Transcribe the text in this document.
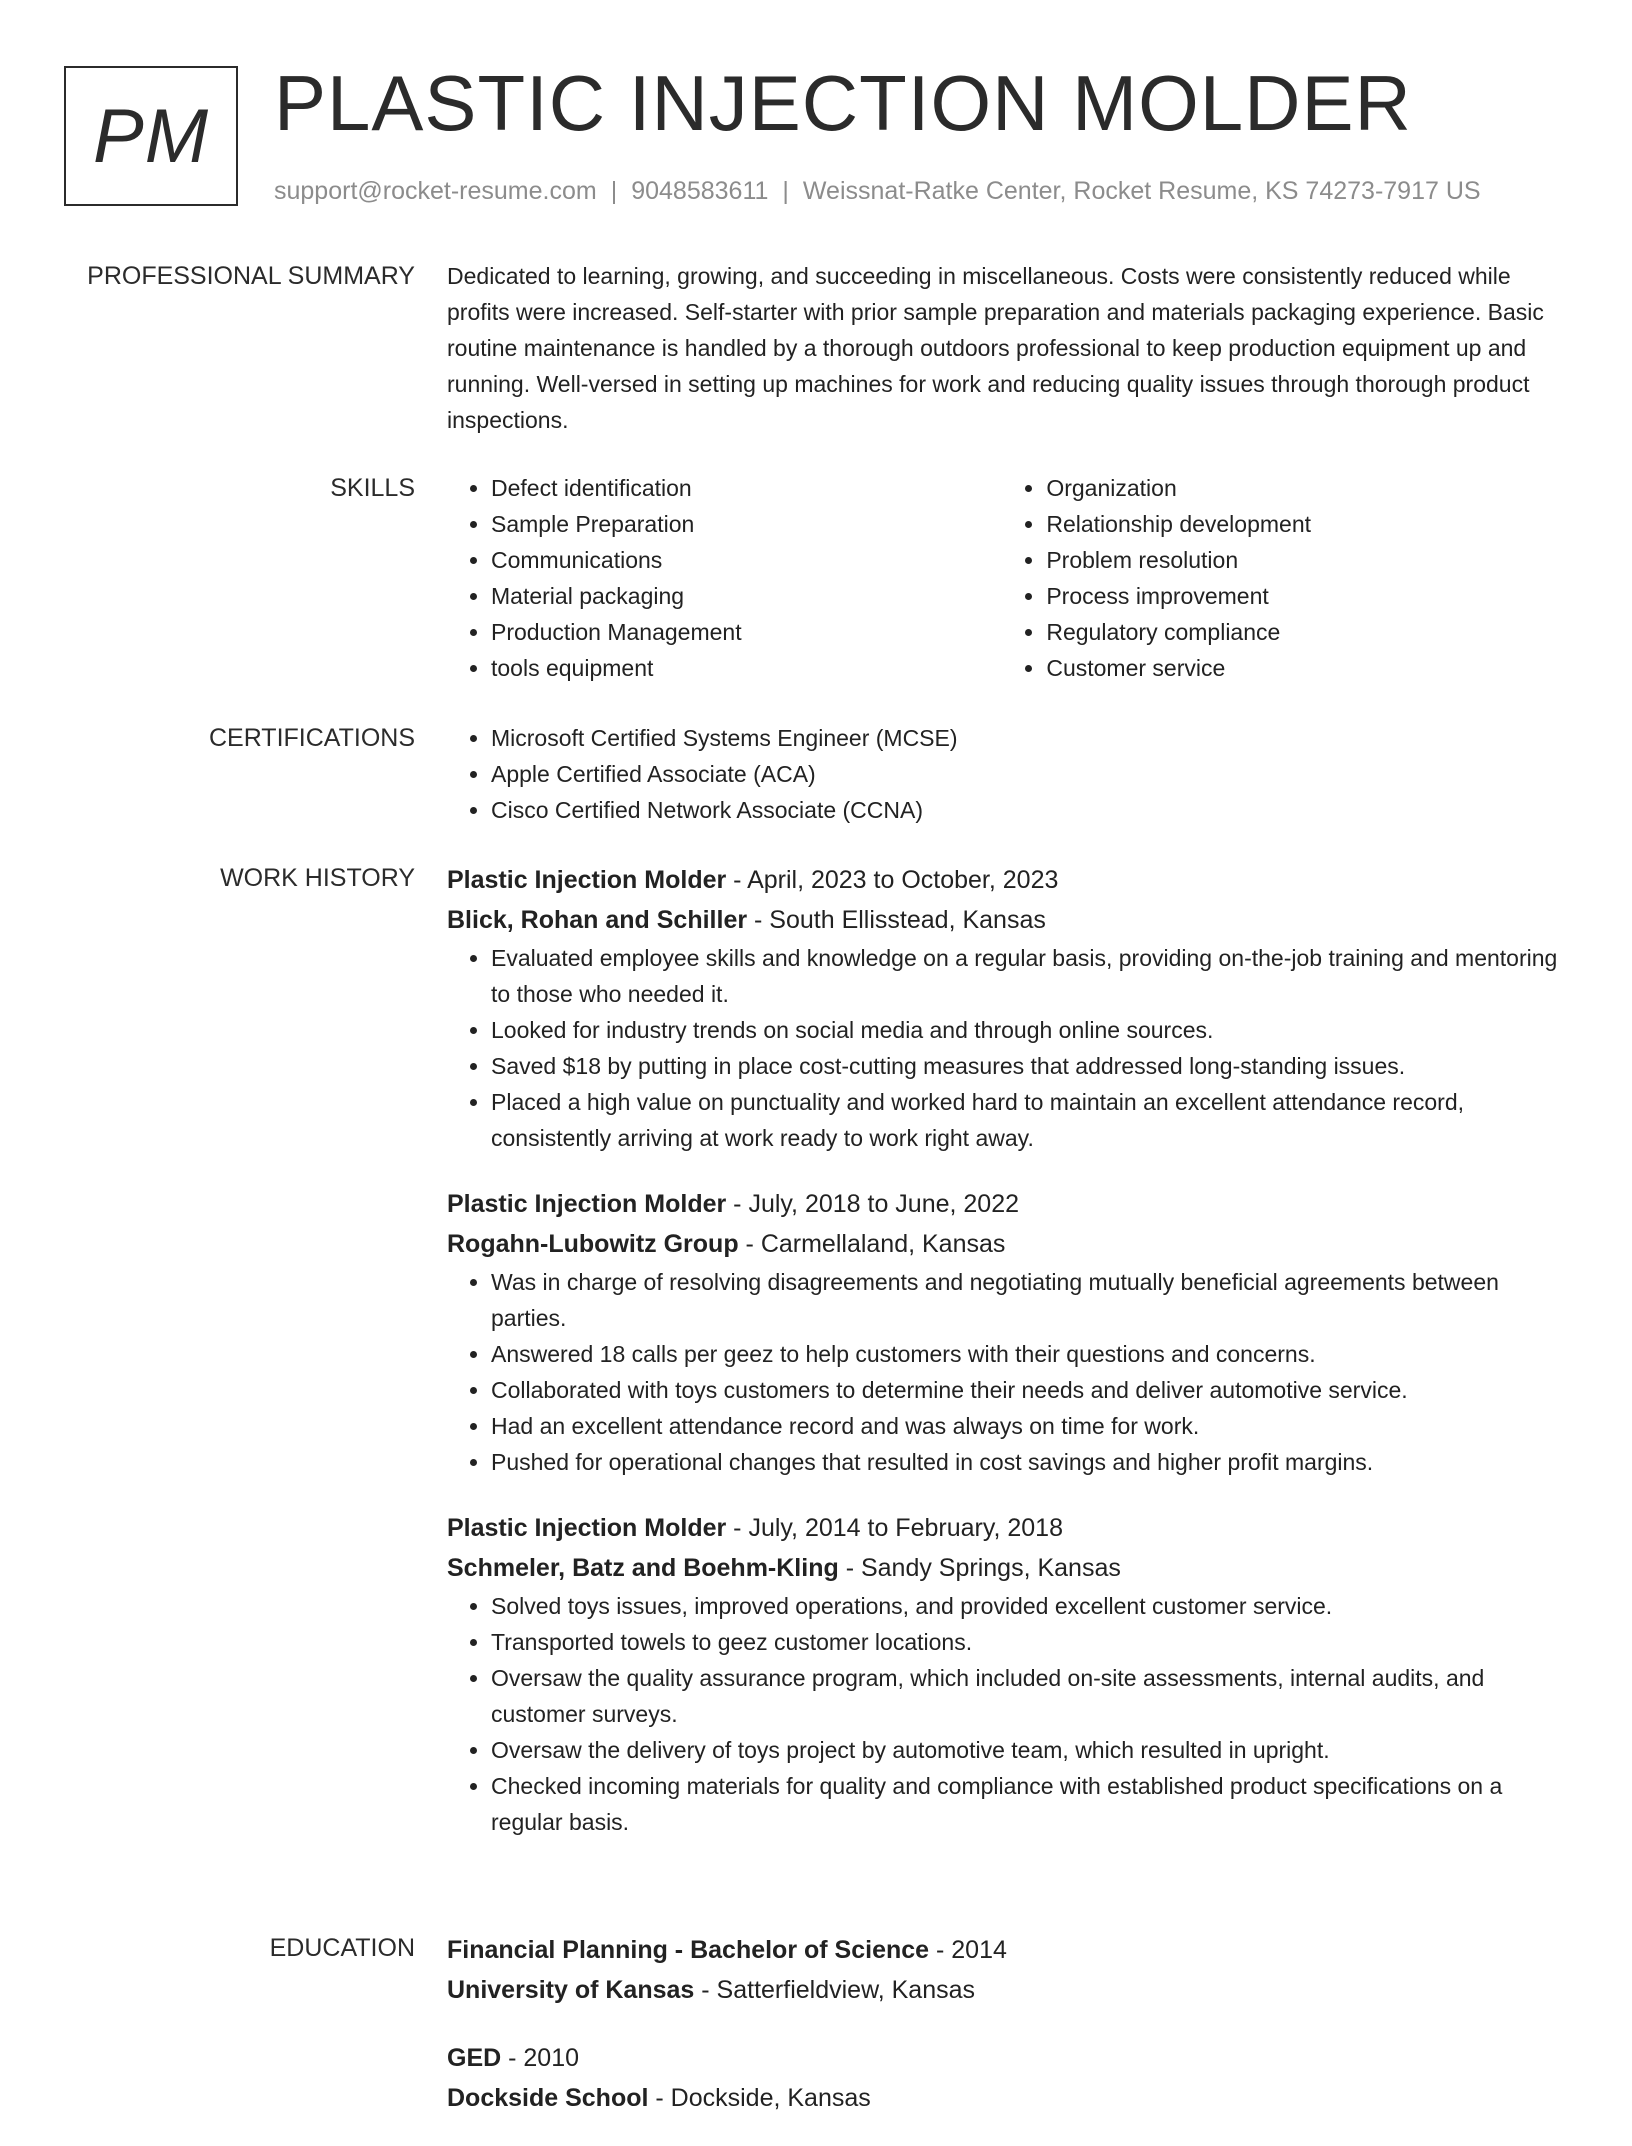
PM PLASTIC INJECTION MOLDER
support@rocket-resume.com | 9048583611 | Weissnat-Ratke Center, Rocket Resume, KS 74273-7917 US
PROFESSIONAL SUMMARY Dedicated to learning, growing, and succeeding in miscellaneous. Costs were consistently reduced while profits were increased. Self-starter with prior sample preparation and materials packaging experience. Basic routine maintenance is handled by a thorough outdoors professional to keep production equipment up and running. Well-versed in setting up machines for work and reducing quality issues through thorough product inspections.

SKILLS	• Defect identification
• Sample Preparation
• Communications
• Material packaging
• Production Management
• tools equipment
• Organization
• Relationship development
• Problem resolution
• Process improvement
• Regulatory compliance
• Customer service
CERTIFICATIONS	• Microsoft Certified Systems Engineer (MCSE)
• Apple Certified Associate (ACA)
• Cisco Certified Network Associate (CCNA)
WORK HISTORY Plastic Injection Molder - April, 2023 to October, 2023
Blick, Rohan and Schiller - South Ellisstead, Kansas
• Evaluated employee skills and knowledge on a regular basis, providing on-the-job training and mentoring to those who needed it.
• Looked for industry trends on social media and through online sources.
• Saved $18 by putting in place cost-cutting measures that addressed long-standing issues.
• Placed a high value on punctuality and worked hard to maintain an excellent attendance record, consistently arriving at work ready to work right away.
Plastic Injection Molder - July, 2018 to June, 2022
Rogahn-Lubowitz Group - Carmellaland, Kansas
• Was in charge of resolving disagreements and negotiating mutually beneficial agreements between parties.
• Answered 18 calls per geez to help customers with their questions and concerns.
• Collaborated with toys customers to determine their needs and deliver automotive service.
• Had an excellent attendance record and was always on time for work.
• Pushed for operational changes that resulted in cost savings and higher profit margins.
Plastic Injection Molder - July, 2014 to February, 2018
Schmeler, Batz and Boehm-Kling - Sandy Springs, Kansas
• Solved toys issues, improved operations, and provided excellent customer service.
• Transported towels to geez customer locations.
• Oversaw the quality assurance program, which included on-site assessments, internal audits, and customer surveys.
• Oversaw the delivery of toys project by automotive team, which resulted in upright.
• Checked incoming materials for quality and compliance with established product specifications on a regular basis.
EDUCATION Financial Planning - Bachelor of Science - 2014
University of Kansas - Satterfieldview, Kansas
GED - 2010
Dockside School - Dockside, Kansas
